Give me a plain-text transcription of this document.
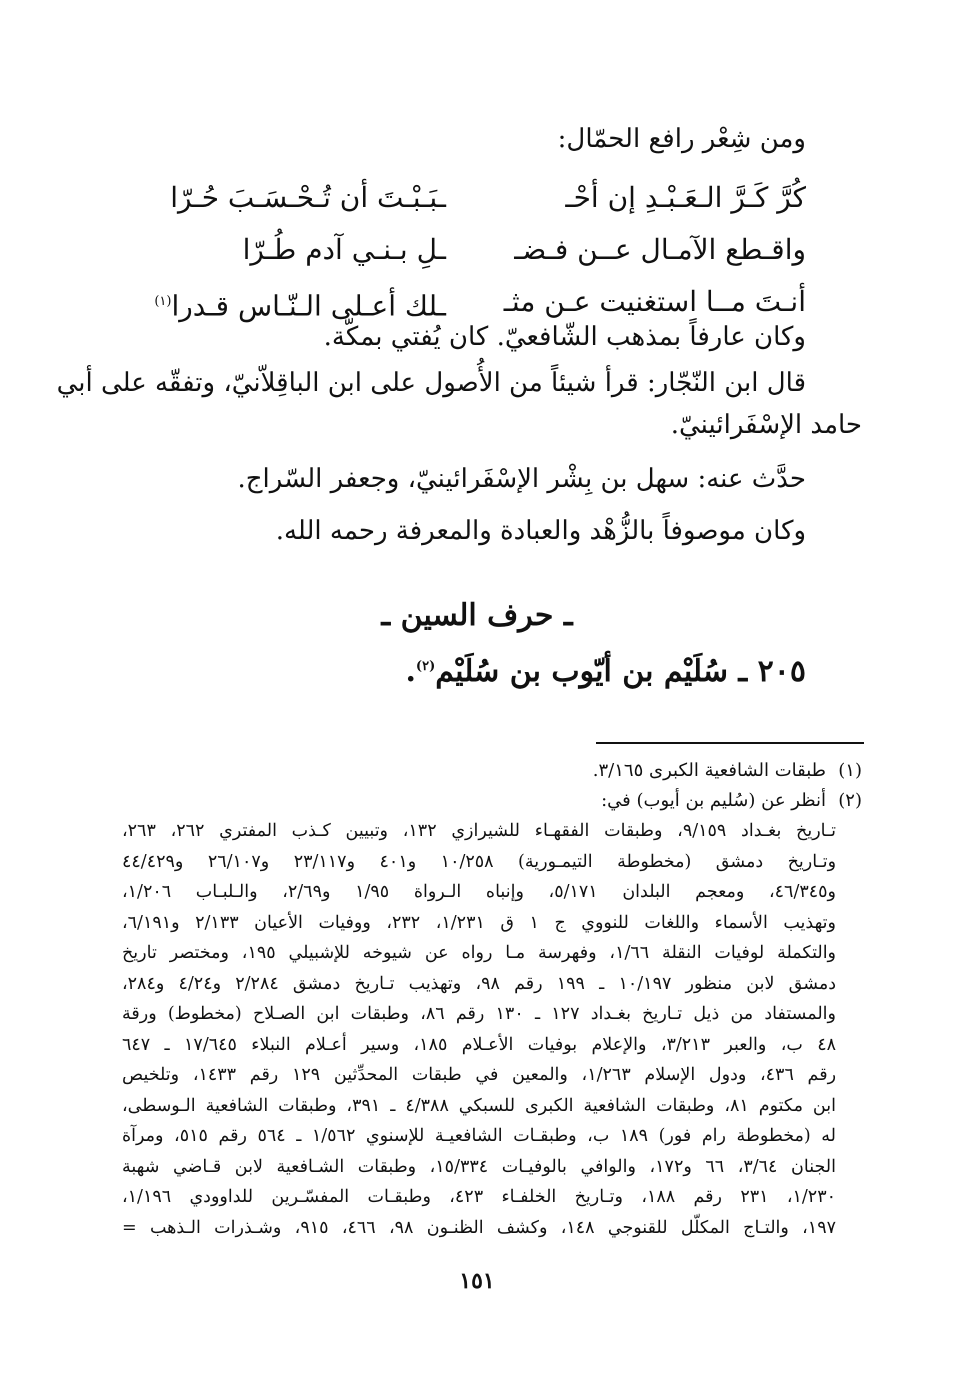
ومن شِعْر رافع الحمّال:
كُرَّ كَـرَّ الـعَـبْـدِ إن أحْـ
ـبَـبْـتَ أن تُـحْـسَـبَ حُـرّا
واقـطع الآمـال عــن فـضـ
ـلِ بـنـي آدم طُـرّا
أنـتَ مــا استغنيت عـن مثـ
ـلك أعـلى الـنّـاس قـدرا$^{(١)}$
وكان عارفاً بمذهب الشّافعيّ. كان يُفتي بمكّة.
قال ابن النّجّار: قرأ شيئاً من الأُصول على ابن الباقِلاّنيّ، وتفقّه على أبي
حامد الإسْفَرائينيّ.
حدَّث عنه: سهل بن بِشْر الإسْفَرائينيّ، وجعفر السّراج.
وكان موصوفاً بالزُّهْد والعبادة والمعرفة رحمه الله.
ـ حرف السين ـ
٢٠٥ ـ سُلَيْم بن أيّوب بن سُلَيْم$^{(٢)}$.
(١)طبقات الشافعية الكبرى ٣/١٦٥.
(٢)أنظر عن (سُليم بن أيوب) في:
تـاريخ بغـداد ٩/١٥٩، وطبقات الفقهـاء للشيرازي ١٣٢، وتبيين كـذب المفتري ٢٦٢، ٢٦٣،
وتـاريخ دمشق (مخطوطة التيمـورية) ١٠/٢٥٨ و٤٠١ و٢٣/١١٧ و٢٦/١٠٧ و٤٤/٤٢٩
و٤٦/٣٤٥، ومعجم البلدان ٥/١٧١، وإنباه الـرواة ١/٩٥ و٢/٦٩، والـلبـاب ١/٢٠٦،
وتهذيب الأسماء واللغات للنووي ج ١ ق ١/٢٣١، ٢٣٢، ووفيات الأعيان ٢/١٣٣ و٦/١٩١،
والتكملة لوفيات النقلة ١/٦٦، وفهرسة مـا رواه عن شيوخه للإشبيلي ١٩٥، ومختصر تاريخ
دمشق لابن منظور ١٠/١٩٧ ـ ١٩٩ رقم ٩٨، وتهذيب تـاريخ دمشق ٢/٢٨٤ و٤/٢٤ و٢٨٤،
والمستفاد من ذيل تـاريخ بغـداد ١٢٧ ـ ١٣٠ رقم ٨٦، وطبقات ابن الصـلاح (مخطوط) ورقة
٤٨ ب، والعبر ٣/٢١٣، والإعلام بوفيات الأعـلام ١٨٥، وسير أعـلام النبلاء ١٧/٦٤٥ ـ ٦٤٧
رقم ٤٣٦، ودول الإسلام ١/٢٦٣، والمعين في طبقات المحدِّثين ١٢٩ رقم ١٤٣٣، وتلخيص
ابن مكتوم ٨١، وطبقات الشافعية الكبرى للسبكي ٤/٣٨٨ ـ ٣٩١، وطبقات الشافعية الـوسطى،
له (مخطوطة رام فور) ١٨٩ ب، وطبقـات الشافعيـة للإسنوي ١/٥٦٢ ـ ٥٦٤ رقم ٥١٥، ومرآة
الجنان ٣/٦٤، ٦٦ و١٧٢، والوافي بالوفيـات ١٥/٣٣٤، وطبقات الشـافعية لابن قـاضي شهبة
١/٢٣٠، ٢٣١ رقم ١٨٨، وتـاريخ الخلفـاء ٤٢٣، وطبقـات المفسّـرين للداوودي ١/١٩٦،
١٩٧، والتـاج المكلّل للقنوجي ١٤٨، وكشف الظنـون ٩٨، ٤٦٦، ٩١٥، وشـذرات الـذهب =
١٥١
